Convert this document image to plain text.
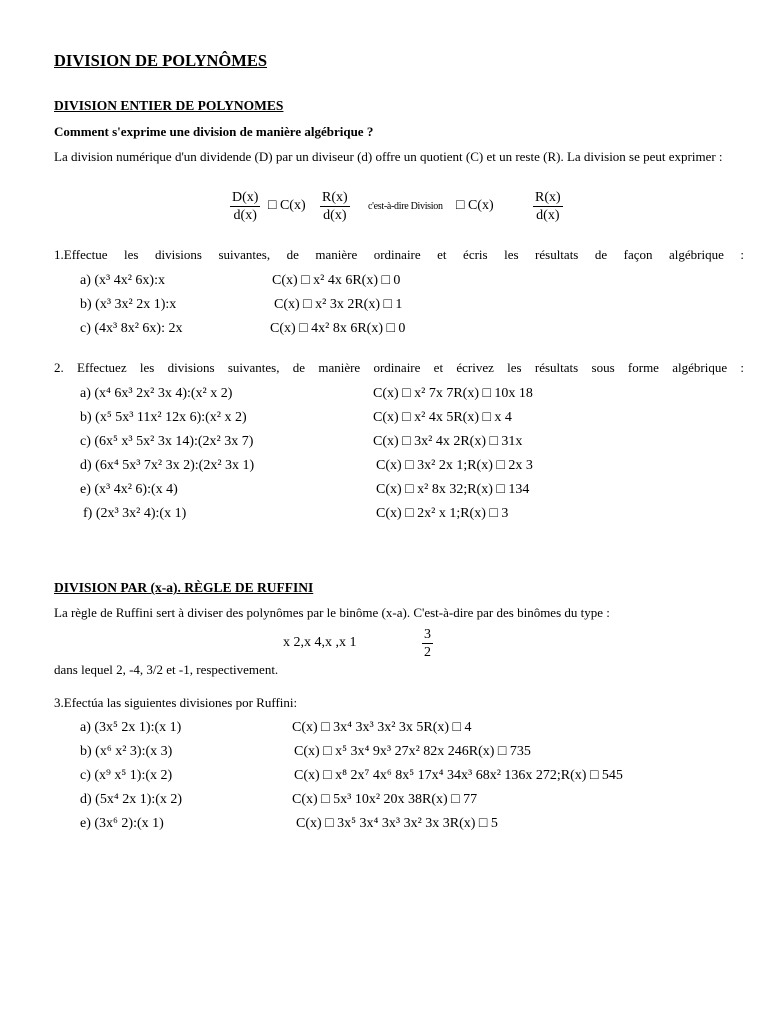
DIVISION DE POLYNÔMES
DIVISION ENTIER DE POLYNOMES
Comment s'exprime une division de manière algébrique ?
La division numérique d'un dividende (D) par un diviseur (d) offre un quotient (C) et un reste (R). La division se peut exprimer :
$\frac{D(x)}{d(x)}$ □ $C(x) \frac{R(x)}{d(x)}$ c'est-à-dire Division □ C(x)	$\frac{R(x)}{d(x)}$
1.Effectue les divisions suivantes, de manière ordinaire et écris les résultats de façon algébrique :
a) (x³ 4x² 6x):x	C(x) □ x² 4x 6R(x) □ 0
b) (x³ 3x² 2x 1):x	C(x) □ x² 3x 2R(x) □ 1
c) (4x³ 8x² 6x): 2x	C(x) □ 4x² 8x 6R(x) □ 0
2. Effectuez les divisions suivantes, de manière ordinaire et écrivez les résultats sous forme algébrique :
a) (x⁴ 6x³ 2x² 3x 4):(x² x 2)	C(x) □ x² 7x 7R(x) □ 10x 18
b) (x⁵ 5x³ 11x² 12x 6):(x² x 2)	C(x) □ x² 4x 5R(x) □ x 4
c) (6x⁵ x³ 5x² 3x 14):(2x² 3x 7)	C(x) □ 3x² 4x 2R(x) □ 31x
d) (6x⁴ 5x³ 7x² 3x 2):(2x² 3x 1)	C(x) □ 3x² 2x 1;R(x) □ 2x 3
e) (x³ 4x² 6):(x 4)	C(x) □ x² 8x 32;R(x) □ 134
f) (2x³ 3x² 4):(x 1)	C(x) □ 2x² x 1;R(x) □ 3
DIVISION PAR (x-a). RÈGLE DE RUFFINI
La règle de Ruffini sert à diviser des polynômes par le binôme (x-a). C'est-à-dire par des binômes du type :
x 2,x 4,x ,x 1	$\frac{3}{2}$
dans lequel 2, -4, 3/2 et -1, respectivement.
3.Efectúa las siguientes divisiones por Ruffini:
a) (3x⁵ 2x 1):(x 1)	C(x) □ 3x⁴ 3x³ 3x² 3x 5R(x) □ 4
b) (x⁶ x² 3):(x 3)	C(x) □ x⁵ 3x⁴ 9x³ 27x² 82x 246R(x) □ 735
c) (x⁹ x⁵ 1):(x 2)	C(x) □ x⁸ 2x⁷ 4x⁶ 8x⁵ 17x⁴ 34x³ 68x² 136x 272;R(x) □ 545
d) (5x⁴ 2x 1):(x 2)	C(x) □ 5x³ 10x² 20x 38R(x) □ 77
e) (3x⁶ 2):(x 1)	C(x) □ 3x⁵ 3x⁴ 3x³ 3x² 3x 3R(x) □ 5
